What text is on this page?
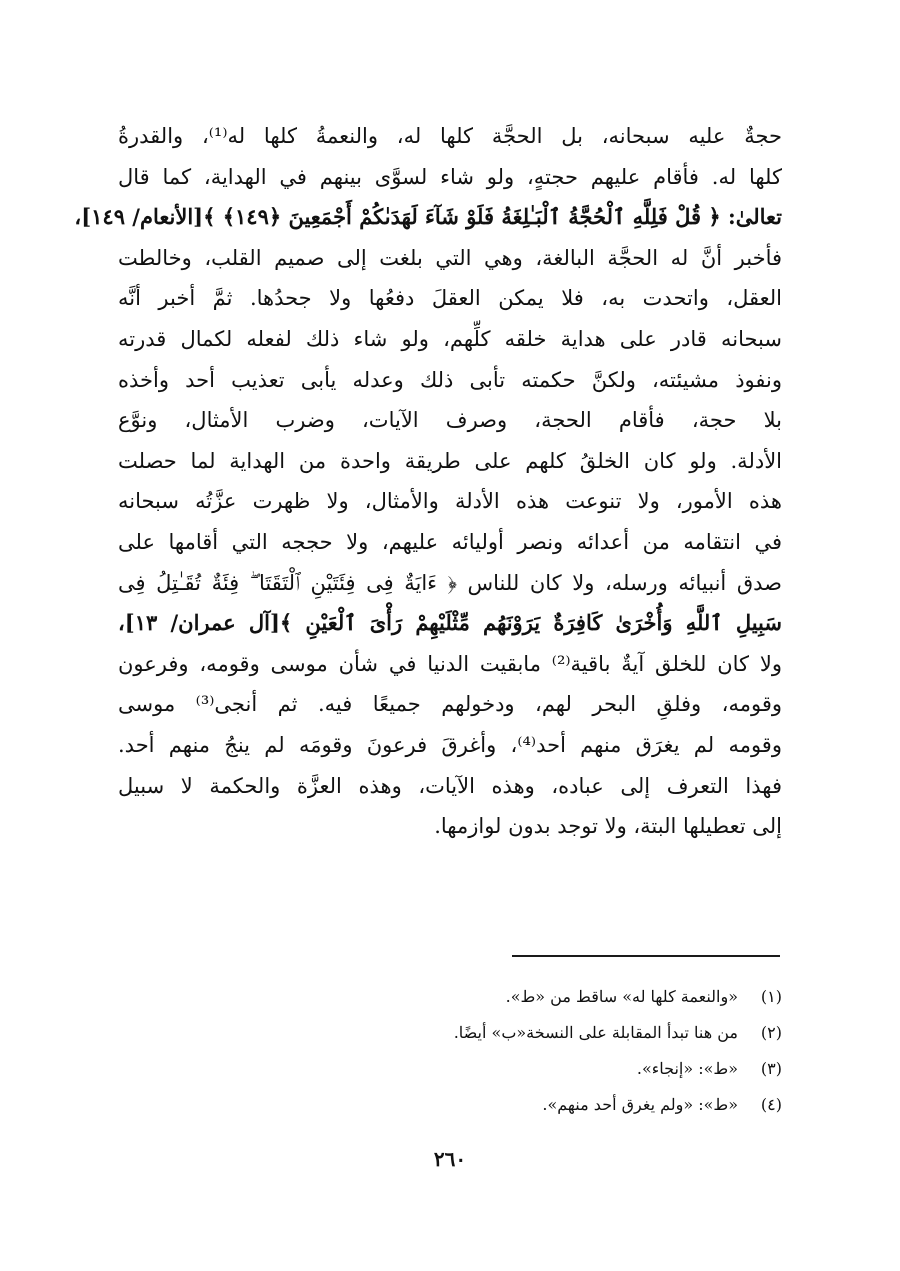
حجةٌ عليه سبحانه، بل الحجَّة كلها له، والنعمةُ كلها له⁽¹⁾، والقدرةُ
كلها له. فأقام عليهم حجتهٍ، ولو شاء لسوَّى بينهم في الهداية، كما قال
تعالىٰ: ﴿ قُلْ فَلِلَّهِ ٱلْحُجَّةُ ٱلْبَـٰلِغَةُ فَلَوْ شَآءَ لَهَدَىٰكُمْ أَجْمَعِينَ ﴿١٤٩﴾ ﴾[الأنعام/ ١٤٩]،
فأخبر أنَّ له الحجَّة البالغة، وهي التي بلغت إلى صميم القلب، وخالطت
العقل، واتحدت به، فلا يمكن العقلَ دفعُها ولا جحدُها. ثمَّ أخبر أنَّه
سبحانه قادر على هداية خلقه كلِّهم، ولو شاء ذلك لفعله لكمال قدرته
ونفوذ مشيئته، ولكنَّ حكمته تأبى ذلك وعدله يأبى تعذيب أحد وأخذه
بلا حجة، فأقام الحجة، وصرف الآيات، وضرب الأمثال، ونوَّع
الأدلة. ولو كان الخلقُ كلهم على طريقة واحدة من الهداية لما حصلت
هذه الأمور، ولا تنوعت هذه الأدلة والأمثال، ولا ظهرت عزَّتُه سبحانه
في انتقامه من أعدائه ونصر أوليائه عليهم، ولا حججه التي أقامها على
صدق أنبيائه ورسله، ولا كان للناس ﴿ ءَايَةٌ فِى فِئَتَيْنِ ٱلْتَقَتَا ۖ فِئَةٌ تُقَـٰتِلُ فِى
سَبِيلِ ٱللَّهِ وَأُخْرَىٰ كَافِرَةٌ يَرَوْنَهُم مِّثْلَيْهِمْ رَأْىَ ٱلْعَيْنِ ﴾[آل عمران/ ١٣]،
ولا كان للخلق آيةٌ باقية⁽²⁾ مابقيت الدنيا في شأن موسى وقومه، وفرعون
وقومه، وفلقِ البحر لهم، ودخولهم جميعًا فيه. ثم أنجى⁽³⁾ موسى
وقومه لم يغرَق منهم أحد⁽⁴⁾، وأغرقَ فرعونَ وقومَه لم ينجُ منهم أحد.
فهذا التعرف إلى عباده، وهذه الآيات، وهذه العزَّة والحكمة لا سبيل
إلى تعطيلها البتة، ولا توجد بدون لوازمها.
(١)
«والنعمة كلها له» ساقط من «ط».
(٢)
من هنا تبدأ المقابلة على النسخة«ب» أيضًا.
(٣)
«ط»: «إنجاء».
(٤)
«ط»: «ولم يغرق أحد منهم».
٢٦٠
